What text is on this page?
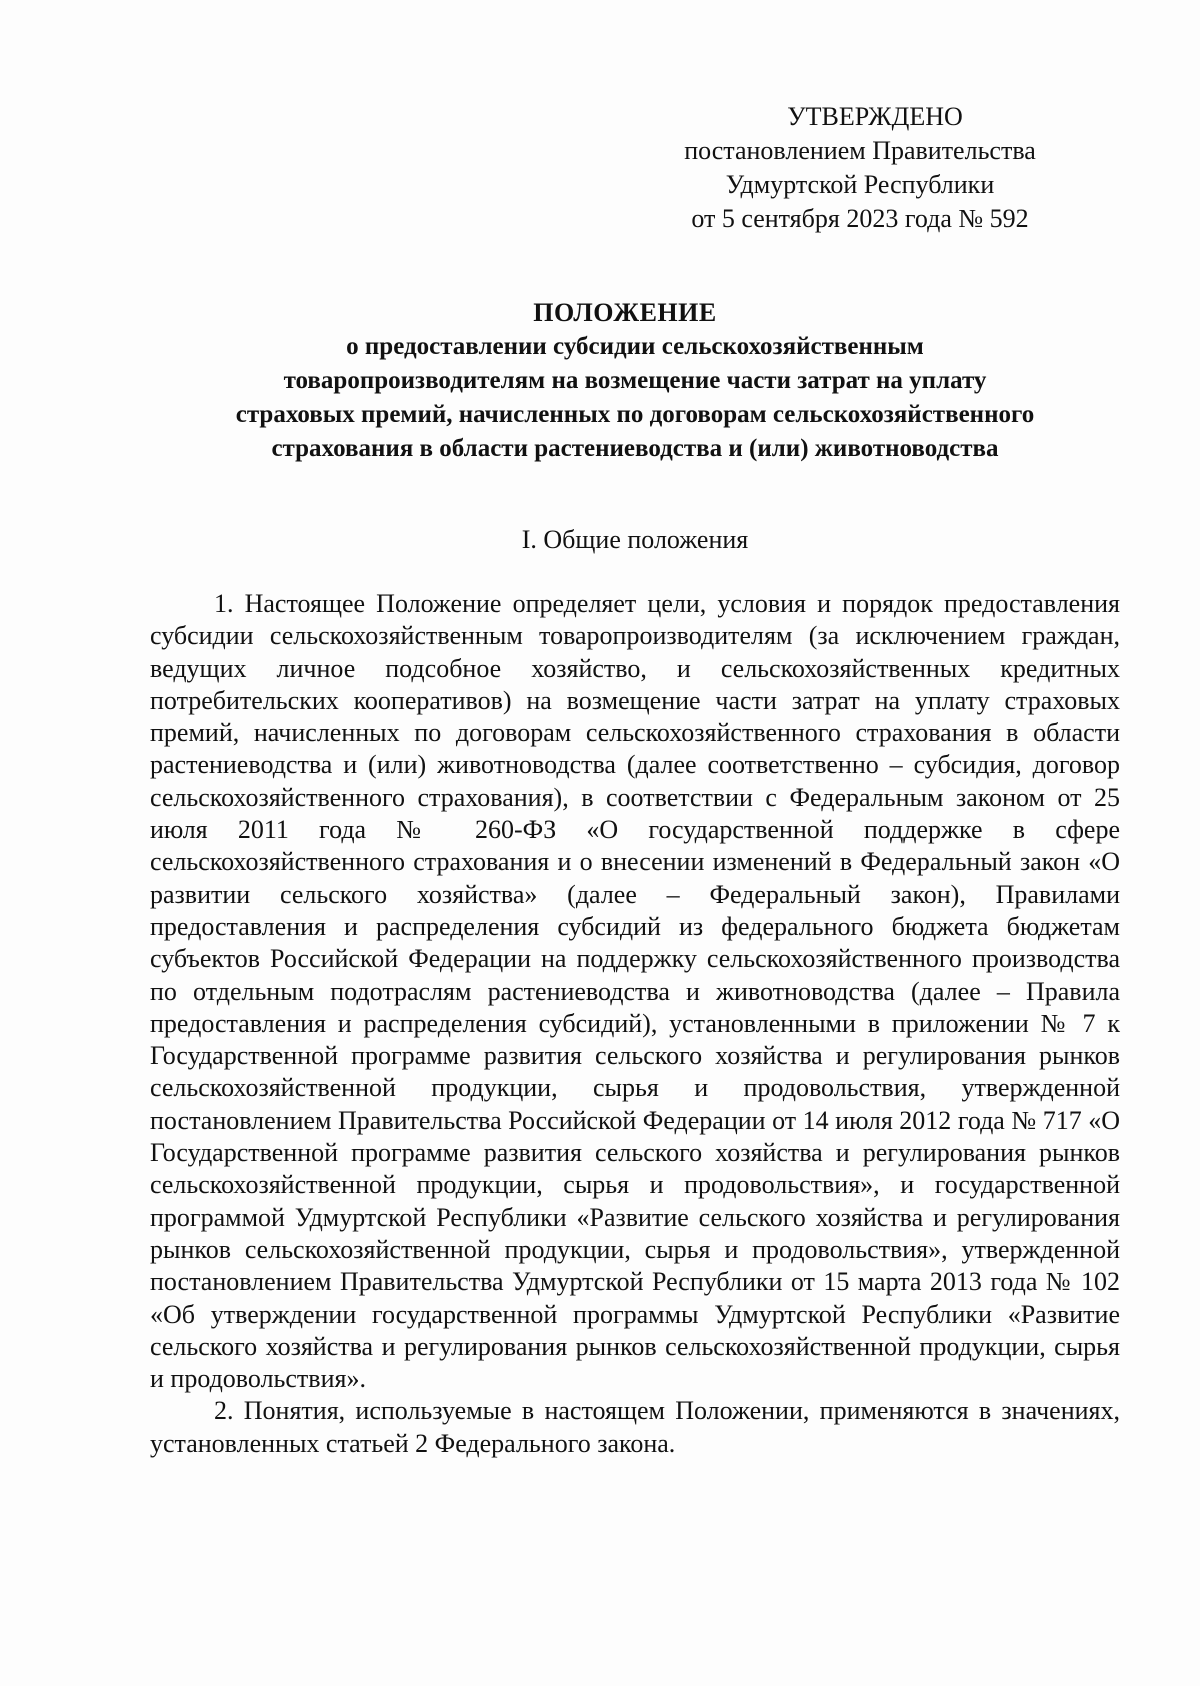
УТВЕРЖДЕНО
постановлением Правительства
Удмуртской Республики
от 5 сентября 2023 года № 592
ПОЛОЖЕНИЕ
о предоставлении субсидии сельскохозяйственным
товаропроизводителям на возмещение части затрат на уплату
страховых премий, начисленных по договорам сельскохозяйственного
страхования в области растениеводства и (или) животноводства
I. Общие положения

1. Настоящее Положение определяет цели, условия и порядок предоставления субсидии сельскохозяйственным товаропроизводителям (за исключением граждан, ведущих личное подсобное хозяйство, и сельскохозяйственных кредитных потребительских кооперативов) на возмещение части затрат на уплату страховых премий, начисленных по договорам сельскохозяйственного страхования в области растениеводства и (или) животноводства (далее соответственно – субсидия, договор сельскохозяйственного страхования), в соответствии с Федеральным законом от 25 июля 2011 года № 260-ФЗ «О государственной поддержке в сфере сельскохозяйственного страхования и о внесении изменений в Федеральный закон «О развитии сельского хозяйства» (далее – Федеральный закон), Правилами предоставления и распределения субсидий из федерального бюджета бюджетам субъектов Российской Федерации на поддержку сельскохозяйственного производства по отдельным подотраслям растениеводства и животноводства (далее – Правила предоставления и распределения субсидий), установленными в приложении № 7 к Государственной программе развития сельского хозяйства и регулирования рынков сельскохозяйственной продукции, сырья и продовольствия, утвержденной постановлением Правительства Российской Федерации от 14 июля 2012 года № 717 «О Государственной программе развития сельского хозяйства и регулирования рынков сельскохозяйственной продукции, сырья и продовольствия», и государственной программой Удмуртской Республики «Развитие сельского хозяйства и регулирования рынков сельскохозяйственной продукции, сырья и продовольствия», утвержденной постановлением Правительства Удмуртской Республики от 15 марта 2013 года № 102 «Об утверждении государственной программы Удмуртской Республики «Развитие сельского хозяйства и регулирования рынков сельскохозяйственной продукции, сырья и продовольствия».

2. Понятия, используемые в настоящем Положении, применяются в значениях, установленных статьей 2 Федерального закона.
